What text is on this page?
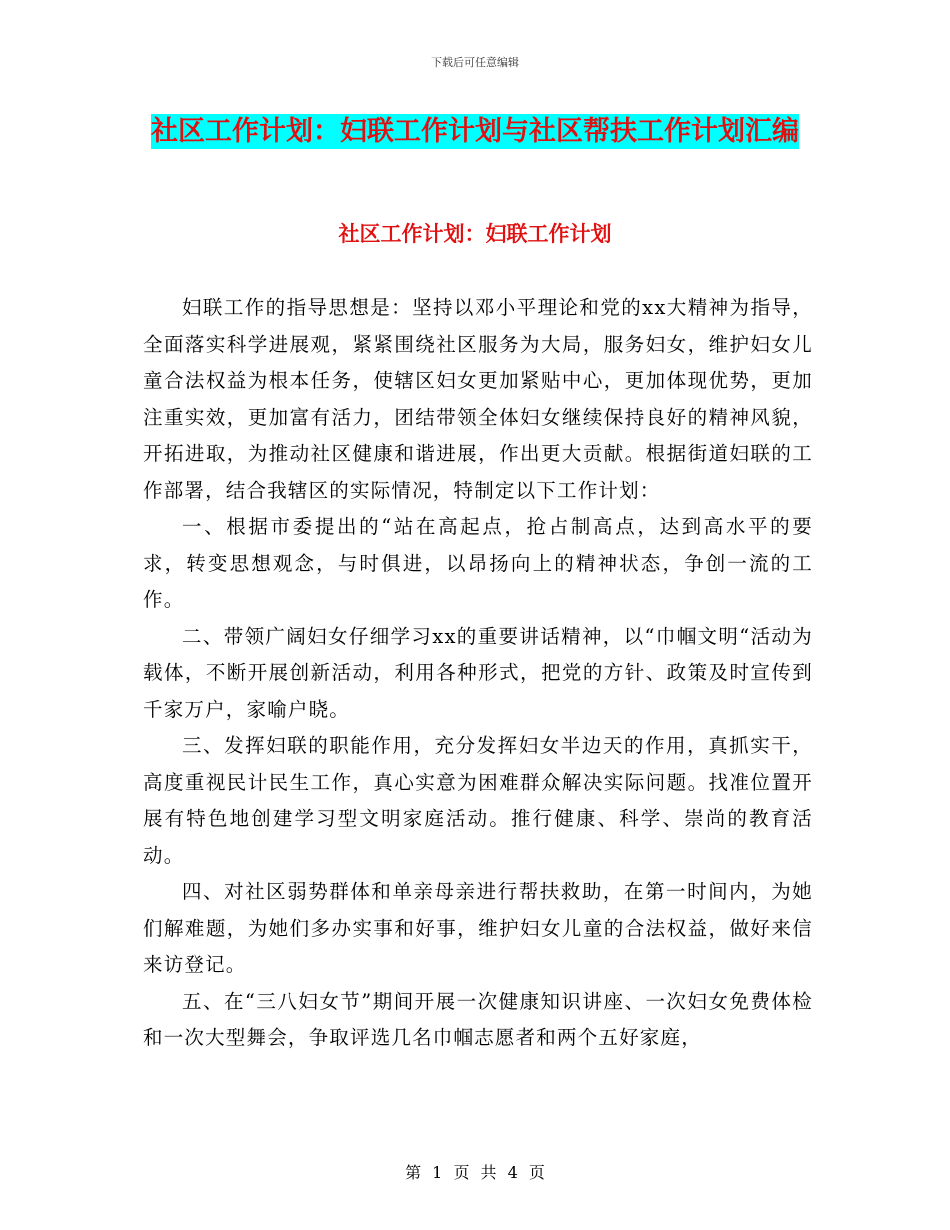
下载后可任意编辑
社区工作计划：妇联工作计划与社区帮扶工作计划汇编
社区工作计划：妇联工作计划

妇联工作的指导思想是：坚持以邓小平理论和党的xx大精神为指导，全面落实科学进展观，紧紧围绕社区服务为大局，服务妇女，维护妇女儿童合法权益为根本任务，使辖区妇女更加紧贴中心，更加体现优势，更加注重实效，更加富有活力，团结带领全体妇女继续保持良好的精神风貌，开拓进取，为推动社区健康和谐进展，作出更大贡献。根据街道妇联的工作部署，结合我辖区的实际情况，特制定以下工作计划：

一、根据市委提出的“站在高起点，抢占制高点，达到高水平的要求，转变思想观念，与时俱进，以昂扬向上的精神状态，争创一流的工作。

二、带领广阔妇女仔细学习xx的重要讲话精神，以“巾帼文明“活动为载体，不断开展创新活动，利用各种形式，把党的方针、政策及时宣传到千家万户，家喻户晓。

三、发挥妇联的职能作用，充分发挥妇女半边天的作用，真抓实干，高度重视民计民生工作，真心实意为困难群众解决实际问题。找准位置开展有特色地创建学习型文明家庭活动。推行健康、科学、崇尚的教育活动。

四、对社区弱势群体和单亲母亲进行帮扶救助，在第一时间内，为她们解难题，为她们多办实事和好事，维护妇女儿童的合法权益，做好来信来访登记。

五、在“三八妇女节”期间开展一次健康知识讲座、一次妇女免费体检和一次大型舞会，争取评选几名巾帼志愿者和两个五好家庭，

第 1 页 共 4 页
